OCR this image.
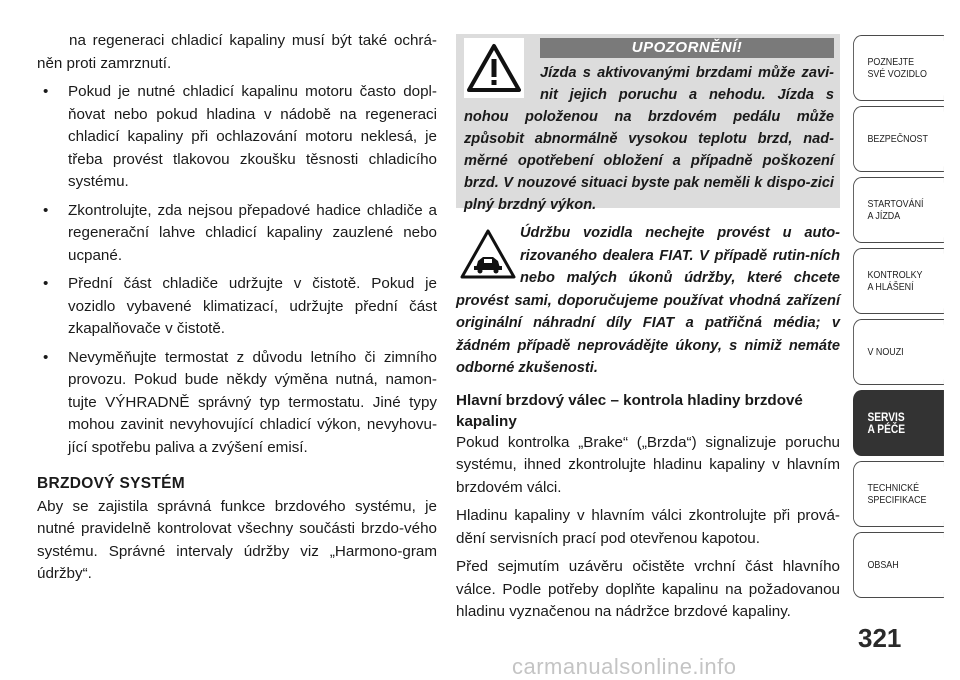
na regeneraci chladicí kapaliny musí být také ochrá-něn proti zamrznutí.

• Pokud je nutné chladicí kapalinu motoru často dopl-ňovat nebo pokud hladina v nádobě na regeneraci chladicí kapaliny při ochlazování motoru neklesá, je třeba provést tlakovou zkoušku těsnosti chladicího systému.
• Zkontrolujte, zda nejsou přepadové hadice chladiče a regenerační lahve chladicí kapaliny zauzlené nebo ucpané.
• Přední část chladiče udržujte v čistotě. Pokud je vozidlo vybavené klimatizací, udržujte přední část zkapalňovače v čistotě.
• Nevyměňujte termostat z důvodu letního či zimního provozu. Pokud bude někdy výměna nutná, namon-tujte VÝHRADNĚ správný typ termostatu. Jiné typy mohou zavinit nevyhovující chladicí výkon, nevyhovu-jící spotřebu paliva a zvýšení emisí.
BRZDOVÝ SYSTÉM

Aby se zajistila správná funkce brzdového systému, je nutné pravidelně kontrolovat všechny součásti brzdo-vého systému. Správné intervaly údržby viz „Harmono-gram údržby“.

UPOZORNĚNÍ!
Jízda s aktivovanými brzdami může zavi-nit jejich poruchu a nehodu. Jízda s nohou položenou na brzdovém pedálu může způsobit abnormálně vysokou teplotu brzd, nad-měrné opotřebení obložení a případně poškození brzd. V nouzové situaci byste pak neměli k dispo-zici plný brzdný výkon.
Údržbu vozidla nechejte provést u auto-rizovaného dealera FIAT. V případě rutin-ních nebo malých úkonů údržby, které chcete provést sami, doporučujeme používat vhodná zařízení originální náhradní díly FIAT a patřičná média; v žádném případě neprovádějte úkony, s nimiž nemáte odborné zkušenosti.
Hlavní brzdový válec – kontrola hladiny brzdové kapaliny

Pokud kontrolka „Brake“ („Brzda“) signalizuje poruchu systému, ihned zkontrolujte hladinu kapaliny v hlavním brzdovém válci.

Hladinu kapaliny v hlavním válci zkontrolujte při prová-dění servisních prací pod otevřenou kapotou.

Před sejmutím uzávěru očistěte vrchní část hlavního válce. Podle potřeby doplňte kapalinu na požadovanou hladinu vyznačenou na nádržce brzdové kapaliny.

POZNEJTE
SVÉ VOZIDLO
BEZPEČNOST
STARTOVÁNÍ
A JÍZDA
KONTROLKY
A HLÁŠENÍ
V NOUZI
SERVIS
A PÉČE
TECHNICKÉ
SPECIFIKACE
OBSAH
321
carmanualsonline.info
